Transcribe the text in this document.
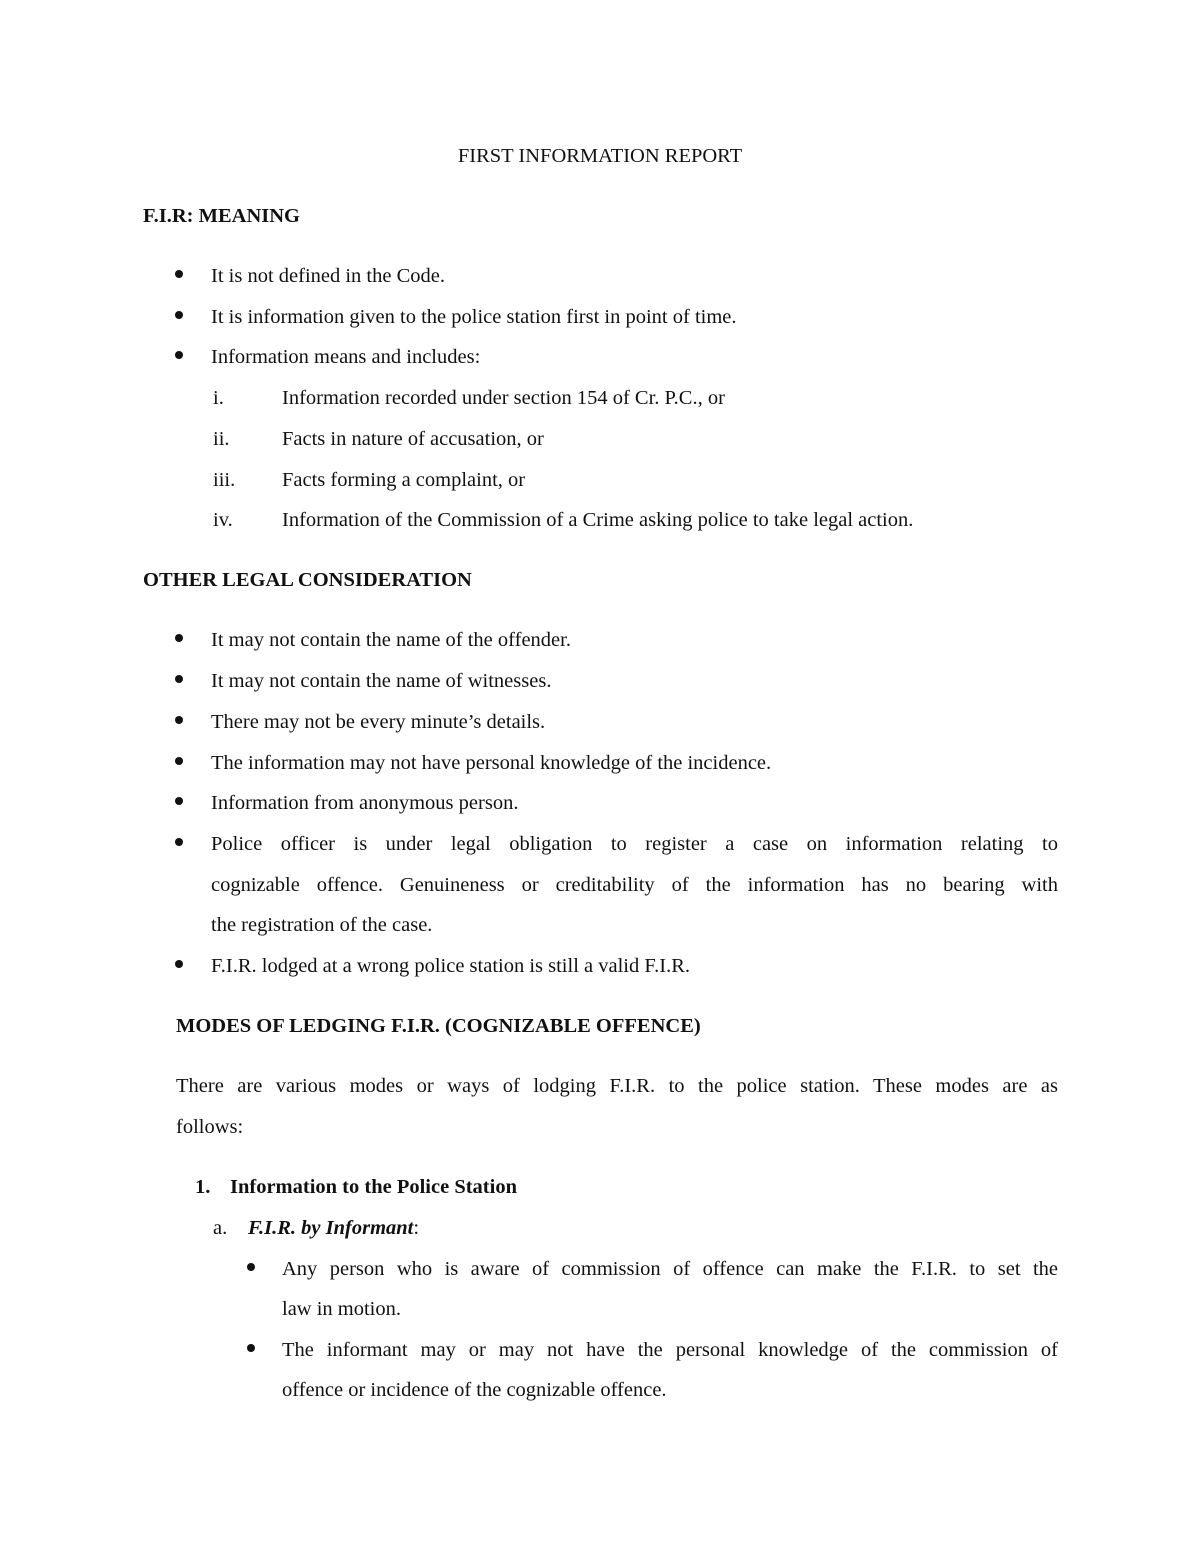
FIRST INFORMATION REPORT
F.I.R: MEANING
It is not defined in the Code.
It is information given to the police station first in point of time.
Information means and includes:
i.	Information recorded under section 154 of Cr. P.C., or
ii.	Facts in nature of accusation, or
iii. Facts forming a complaint, or
iv. Information of the Commission of a Crime asking police to take legal action.
OTHER LEGAL CONSIDERATION
It may not contain the name of the offender.
It may not contain the name of witnesses.
There may not be every minute’s details.
The information may not have personal knowledge of the incidence.
Information from anonymous person.
Police officer is under legal obligation to register a case on information relating to
cognizable offence. Genuineness or creditability of the information has no bearing with
the registration of the case.
F.I.R. lodged at a wrong police station is still a valid F.I.R.
MODES OF LEDGING F.I.R. (COGNIZABLE OFFENCE)
There are various modes or ways of lodging F.I.R. to the police station. These modes are as
follows:
1. Information to the Police Station
a. F.I.R. by Informant:
Any person who is aware of commission of offence can make the F.I.R. to set the
law in motion.
The informant may or may not have the personal knowledge of the commission of
offence or incidence of the cognizable offence.
